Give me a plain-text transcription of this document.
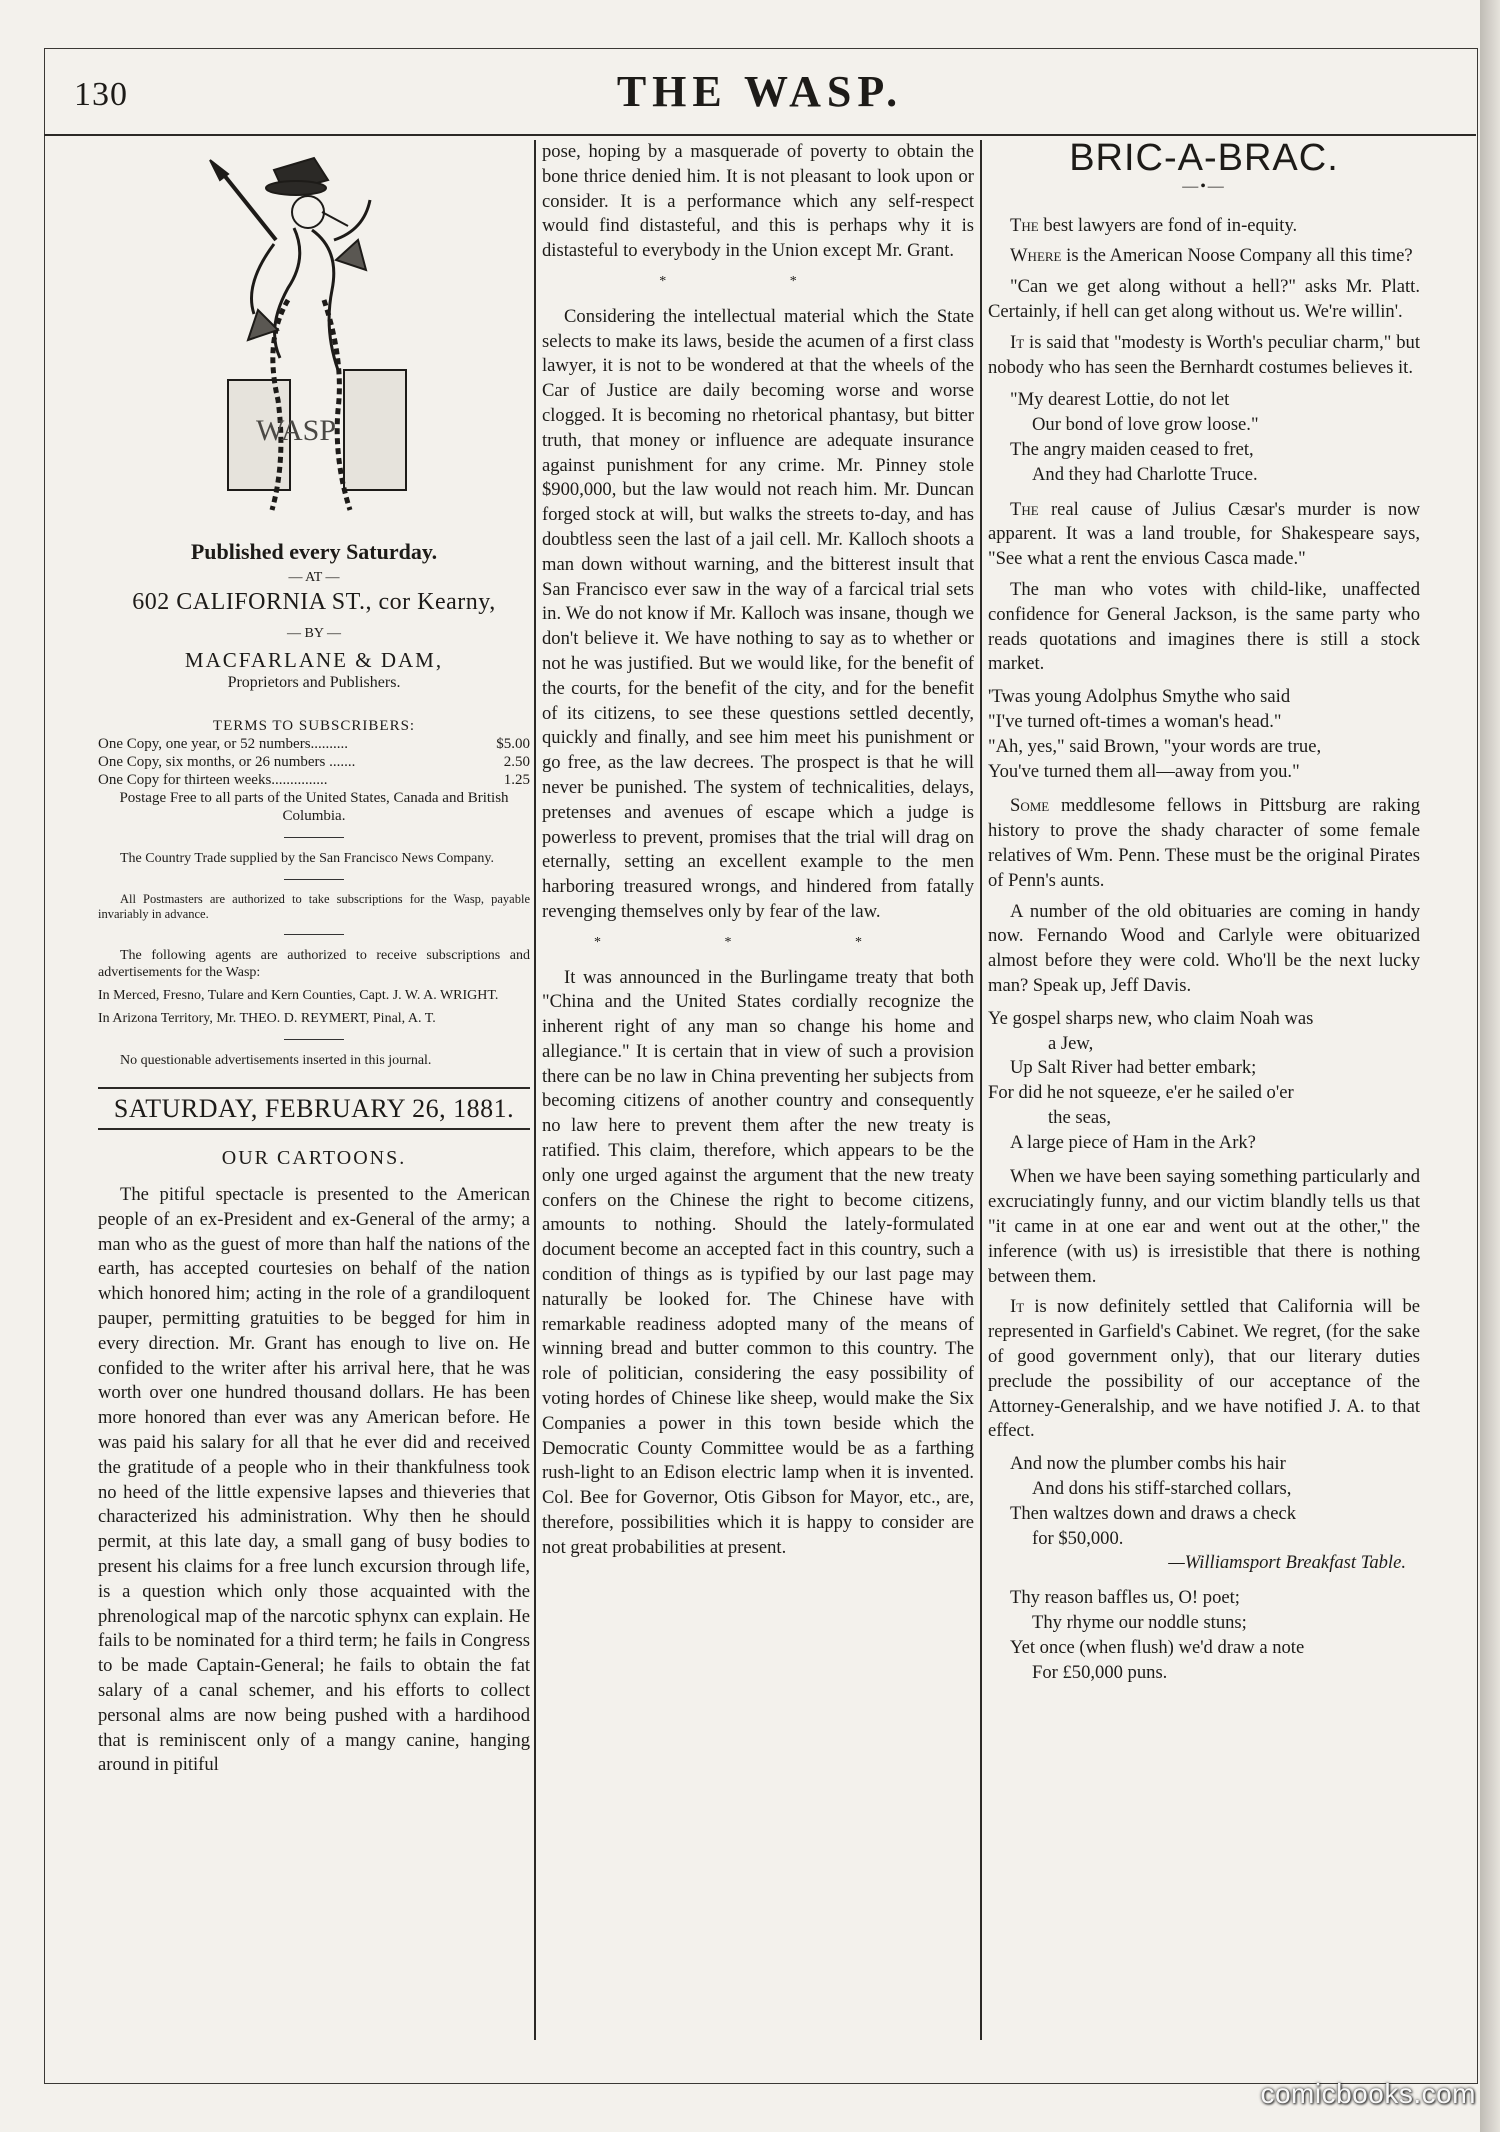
130	THE WASP.
WASP
Published every Saturday.
— AT —
602 CALIFORNIA ST., cor Kearny,
— BY —
MACFARLANE & DAM,
Proprietors and Publishers.
TERMS TO SUBSCRIBERS:
One Copy, one year, or 52 numbers..........	$5.00
One Copy, six months, or 26 numbers .......	2.50
One Copy for thirteen weeks...............	1.25
Postage Free to all parts of the United States, Canada and British Columbia.

The Country Trade supplied by the San Francisco News Company.

All Postmasters are authorized to take subscriptions for the Wasp, payable invariably in advance.

The following agents are authorized to receive subscriptions and advertisements for the Wasp:

In Merced, Fresno, Tulare and Kern Counties, Capt. J. W. A. WRIGHT.

In Arizona Territory, Mr. THEO. D. REYMERT, Pinal, A. T.

No questionable advertisements inserted in this journal.

SATURDAY, FEBRUARY 26, 1881.
OUR CARTOONS.

The pitiful spectacle is presented to the American people of an ex-President and ex-General of the army; a man who as the guest of more than half the nations of the earth, has accepted courtesies on behalf of the nation which honored him; acting in the role of a grandiloquent pauper, permitting gratuities to be begged for him in every direction. Mr. Grant has enough to live on. He confided to the writer after his arrival here, that he was worth over one hundred thousand dollars. He has been more honored than ever was any American before. He was paid his salary for all that he ever did and received the gratitude of a people who in their thankfulness took no heed of the little expensive lapses and thieveries that characterized his administration. Why then he should permit, at this late day, a small gang of busy bodies to present his claims for a free lunch excursion through life, is a question which only those acquainted with the phrenological map of the narcotic sphynx can explain. He fails to be nominated for a third term; he fails in Congress to be made Captain-General; he fails to obtain the fat salary of a canal schemer, and his efforts to collect personal alms are now being pushed with a hardihood that is reminiscent only of a mangy canine, hanging around in pitiful

pose, hoping by a masquerade of poverty to obtain the bone thrice denied him. It is not pleasant to look upon or consider. It is a performance which any self-respect would find distasteful, and this is perhaps why it is distasteful to everybody in the Union except Mr. Grant.

* *

Considering the intellectual material which the State selects to make its laws, beside the acumen of a first class lawyer, it is not to be wondered at that the wheels of the Car of Justice are daily becoming worse and worse clogged. It is becoming no rhetorical phantasy, but bitter truth, that money or influence are adequate insurance against punishment for any crime. Mr. Pinney stole $900,000, but the law would not reach him. Mr. Duncan forged stock at will, but walks the streets to-day, and has doubtless seen the last of a jail cell. Mr. Kalloch shoots a man down without warning, and the bitterest insult that San Francisco ever saw in the way of a farcical trial sets in. We do not know if Mr. Kalloch was insane, though we don't believe it. We have nothing to say as to whether or not he was justified. But we would like, for the benefit of the courts, for the benefit of the city, and for the benefit of its citizens, to see these questions settled decently, quickly and finally, and see him meet his punishment or go free, as the law decrees. The prospect is that he will never be punished. The system of technicalities, delays, pretenses and avenues of escape which a judge is powerless to prevent, promises that the trial will drag on eternally, setting an excellent example to the men harboring treasured wrongs, and hindered from fatally revenging themselves only by fear of the law.

* * *

It was announced in the Burlingame treaty that both "China and the United States cordially recognize the inherent right of any man so change his home and allegiance." It is certain that in view of such a provision there can be no law in China preventing her subjects from becoming citizens of another country and consequently no law here to prevent them after the new treaty is ratified. This claim, therefore, which appears to be the only one urged against the argument that the new treaty confers on the Chinese the right to become citizens, amounts to nothing. Should the lately-formulated document become an accepted fact in this country, such a condition of things as is typified by our last page may naturally be looked for. The Chinese have with remarkable readiness adopted many of the means of winning bread and butter common to this country. The role of politician, considering the easy possibility of voting hordes of Chinese like sheep, would make the Six Companies a power in this town beside which the Democratic County Committee would be as a farthing rush-light to an Edison electric lamp when it is invented. Col. Bee for Governor, Otis Gibson for Mayor, etc., are, therefore, possibilities which it is happy to consider are not great probabilities at present.

BRIC-A-BRAC.
—•—

The best lawyers are fond of in-equity.

Where is the American Noose Company all this time?

"Can we get along without a hell?" asks Mr. Platt. Certainly, if hell can get along without us. We're willin'.

It is said that "modesty is Worth's peculiar charm," but nobody who has seen the Bernhardt costumes believes it.

"My dearest Lottie, do not let
Our bond of love grow loose."
The angry maiden ceased to fret,
And they had Charlotte Truce.

The real cause of Julius Cæsar's murder is now apparent. It was a land trouble, for Shakespeare says, "See what a rent the envious Casca made."

The man who votes with child-like, unaffected confidence for General Jackson, is the same party who reads quotations and imagines there is still a stock market.

'Twas young Adolphus Smythe who said
"I've turned oft-times a woman's head."
"Ah, yes," said Brown, "your words are true,
You've turned them all—away from you."

Some meddlesome fellows in Pittsburg are raking history to prove the shady character of some female relatives of Wm. Penn. These must be the original Pirates of Penn's aunts.

A number of the old obituaries are coming in handy now. Fernando Wood and Carlyle were obituarized almost before they were cold. Who'll be the next lucky man? Speak up, Jeff Davis.

Ye gospel sharps new, who claim Noah was
a Jew,
Up Salt River had better embark;
For did he not squeeze, e'er he sailed o'er
the seas,
A large piece of Ham in the Ark?

When we have been saying something particularly and excruciatingly funny, and our victim blandly tells us that "it came in at one ear and went out at the other," the inference (with us) is irresistible that there is nothing between them.

It is now definitely settled that California will be represented in Garfield's Cabinet. We regret, (for the sake of good government only), that our literary duties preclude the possibility of our acceptance of the Attorney-Generalship, and we have notified J. A. to that effect.

And now the plumber combs his hair
And dons his stiff-starched collars,
Then waltzes down and draws a check
for $50,000.
—Williamsport Breakfast Table.
Thy reason baffles us, O! poet;
Thy rhyme our noddle stuns;
Yet once (when flush) we'd draw a note
For £50,000 puns.
comicbooks.com
